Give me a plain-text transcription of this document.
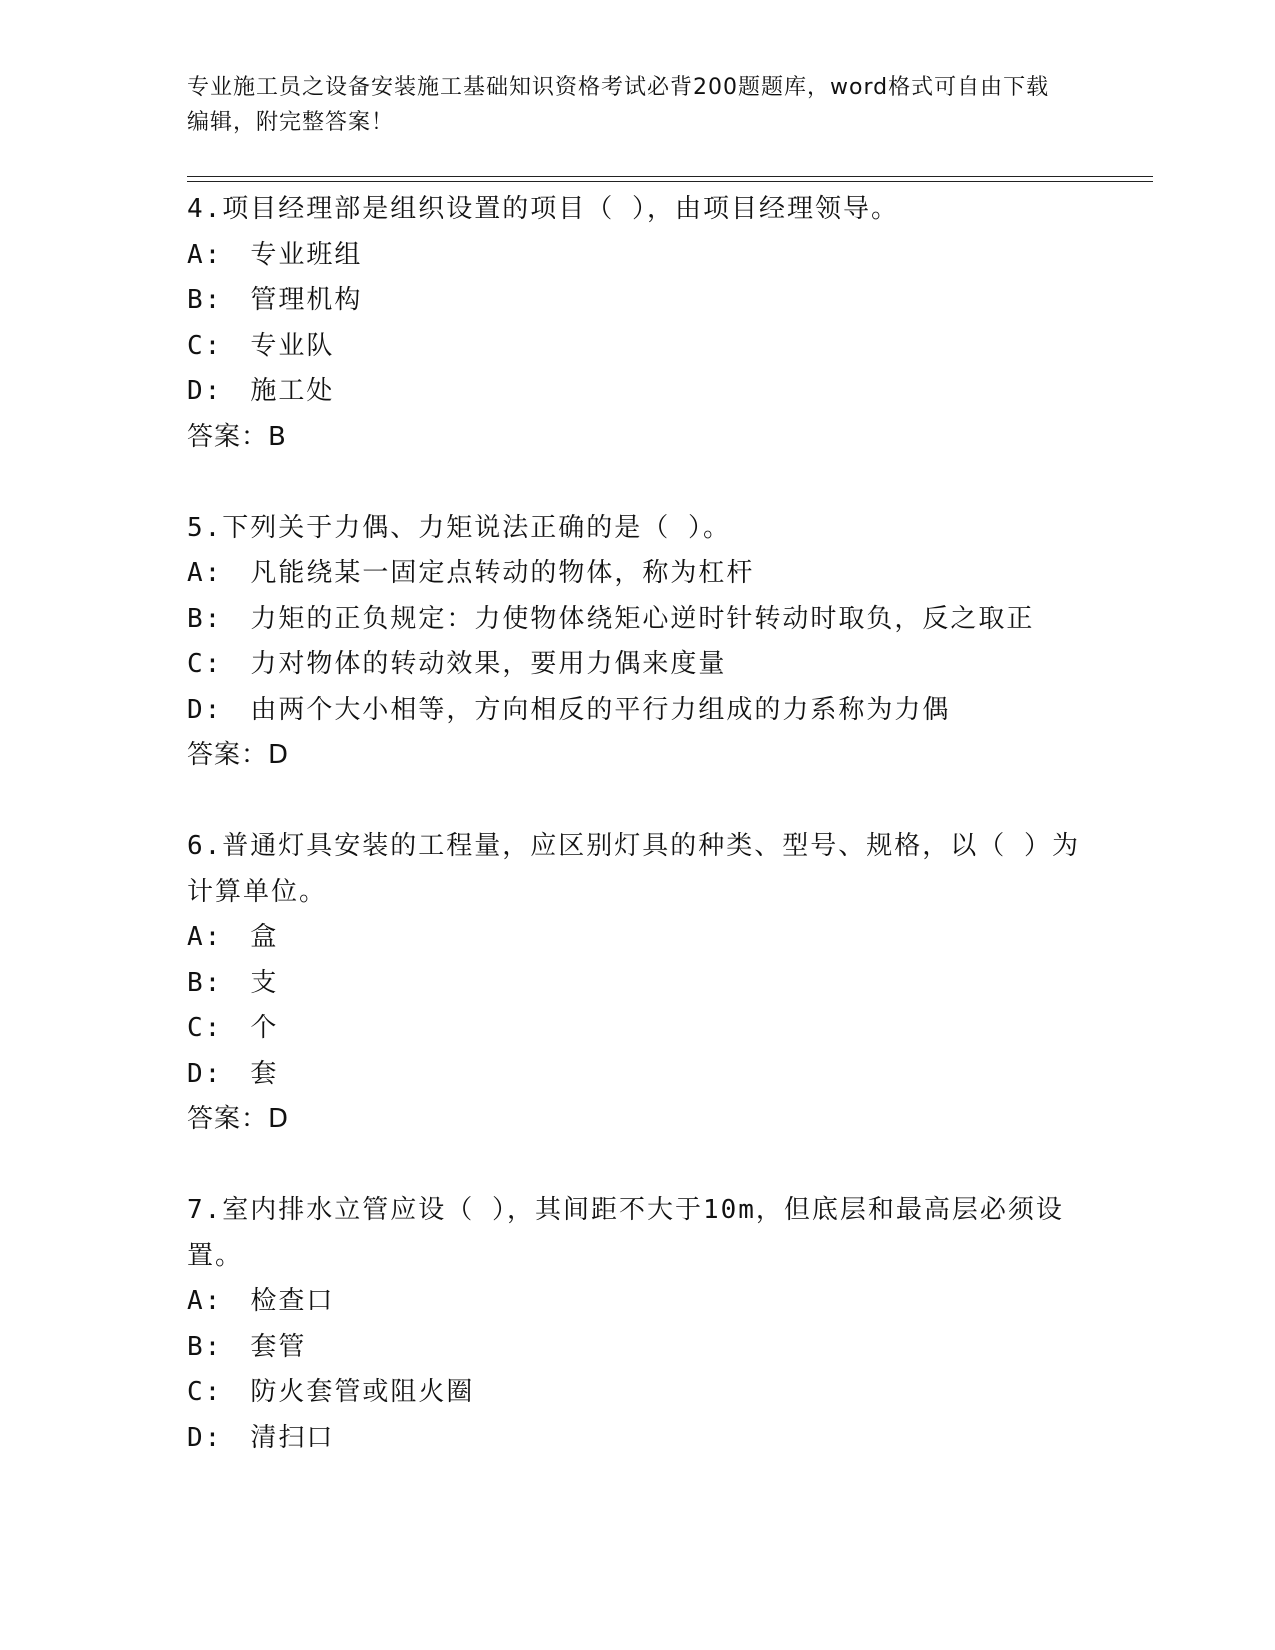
专业施工员之设备安装施工基础知识资格考试必背200题题库，word格式可自由下载编辑，附完整答案！
4.项目经理部是组织设置的项目（ ），由项目经理领导。
A: 专业班组
B: 管理机构
C: 专业队
D: 施工处
答案：B
5.下列关于力偶、力矩说法正确的是（ ）。
A: 凡能绕某一固定点转动的物体，称为杠杆
B: 力矩的正负规定：力使物体绕矩心逆时针转动时取负，反之取正
C: 力对物体的转动效果，要用力偶来度量
D: 由两个大小相等，方向相反的平行力组成的力系称为力偶
答案：D
6.普通灯具安装的工程量，应区别灯具的种类、型号、规格，以（ ）为计算单位。
A: 盒
B: 支
C: 个
D: 套
答案：D
7.室内排水立管应设（ ），其间距不大于10m，但底层和最高层必须设置。
A: 检查口
B: 套管
C: 防火套管或阻火圈
D: 清扫口
